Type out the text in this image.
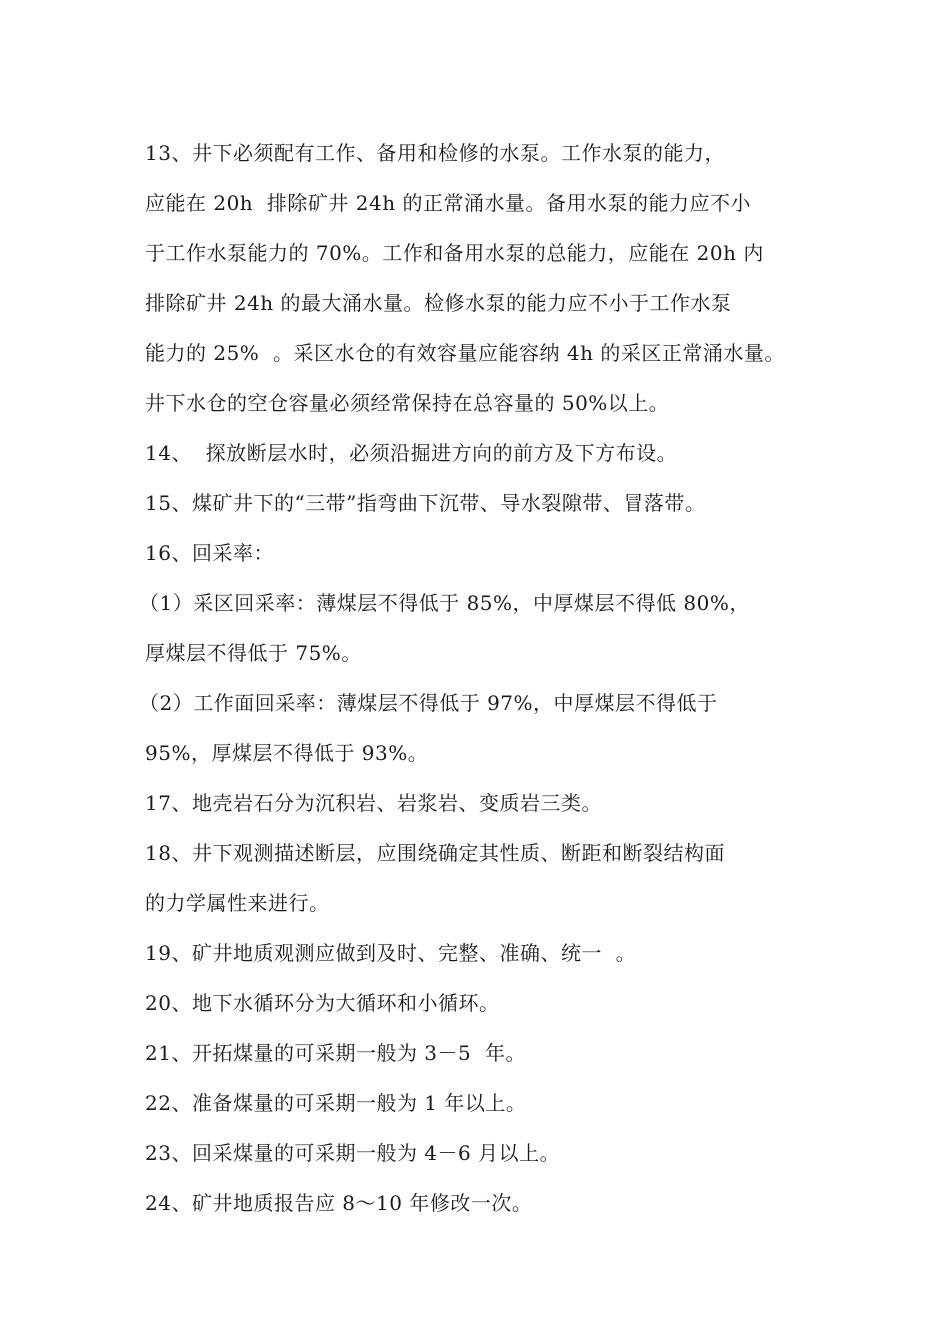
13、井下必须配有工作、备用和检修的水泵。工作水泵的能力，
应能在 20h  排除矿井 24h 的正常涌水量。备用水泵的能力应不小
于工作水泵能力的 70%。工作和备用水泵的总能力，应能在 20h 内
排除矿井 24h 的最大涌水量。检修水泵的能力应不小于工作水泵
能力的 25%  。采区水仓的有效容量应能容纳 4h 的采区正常涌水量。
井下水仓的空仓容量必须经常保持在总容量的 50%以上。
14、  探放断层水时，必须沿掘进方向的前方及下方布设。
15、煤矿井下的“三带”指弯曲下沉带、导水裂隙带、冒落带。
16、回采率：
（1）采区回采率：薄煤层不得低于 85%，中厚煤层不得低 80%，
厚煤层不得低于 75%。
（2）工作面回采率：薄煤层不得低于 97%，中厚煤层不得低于
95%，厚煤层不得低于 93%。
17、地壳岩石分为沉积岩、岩浆岩、变质岩三类。
18、井下观测描述断层，应围绕确定其性质、断距和断裂结构面
的力学属性来进行。
19、矿井地质观测应做到及时、完整、准确、统一  。
20、地下水循环分为大循环和小循环。
21、开拓煤量的可采期一般为 3－5  年。
22、准备煤量的可采期一般为 1 年以上。
23、回采煤量的可采期一般为 4－6 月以上。
24、矿井地质报告应 8～10 年修改一次。
